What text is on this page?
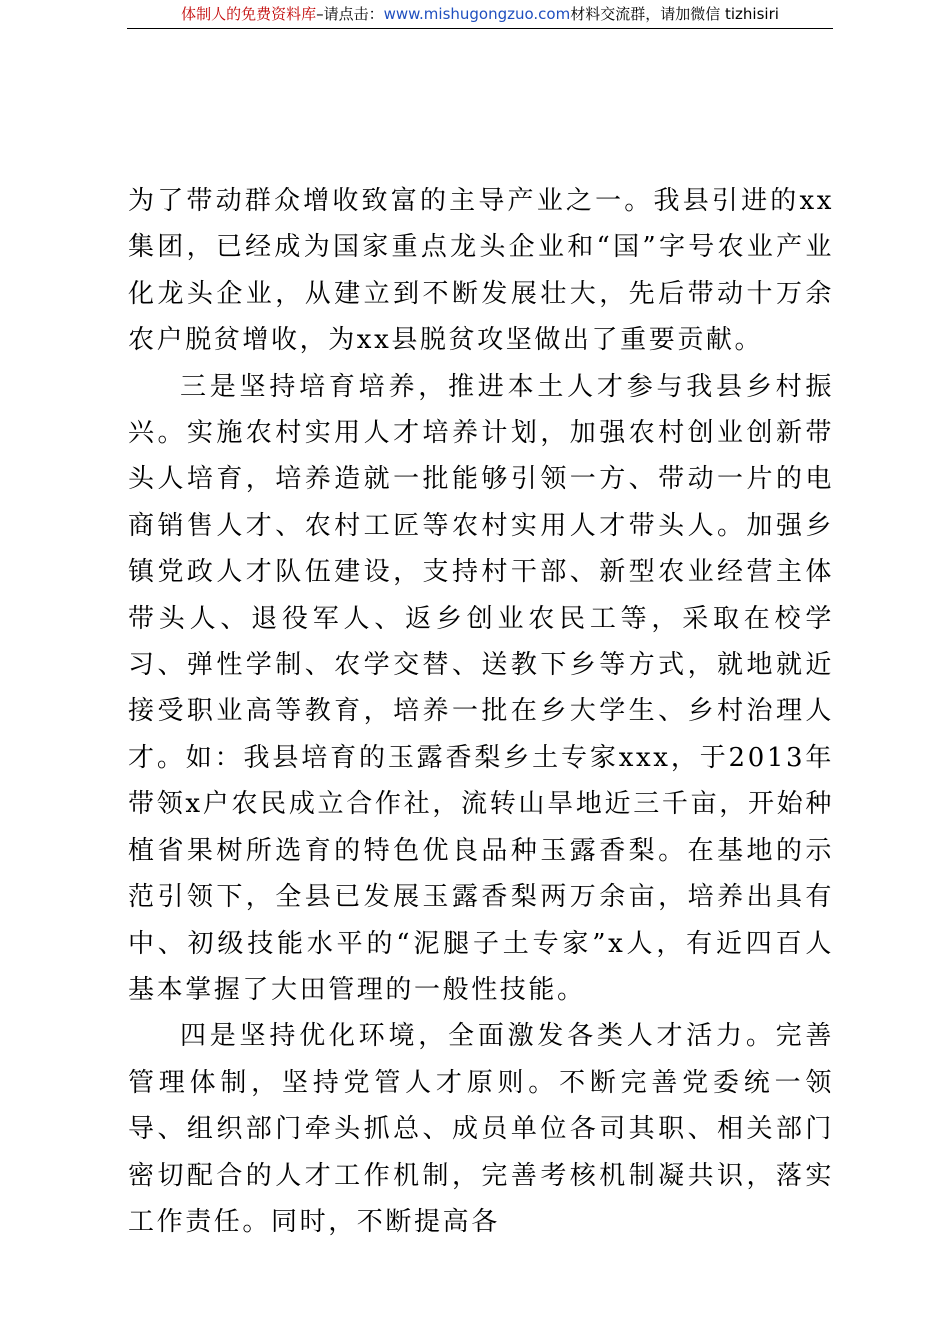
体制人的免费资料库–请点击：www.mishugongzuo.com材料交流群，请加微信 tizhisiri

为了带动群众增收致富的主导产业之一。我县引进的xx集团，已经成为国家重点龙头企业和“国”字号农业产业化龙头企业，从建立到不断发展壮大，先后带动十万余农户脱贫增收，为xx县脱贫攻坚做出了重要贡献。

三是坚持培育培养，推进本土人才参与我县乡村振兴。实施农村实用人才培养计划，加强农村创业创新带头人培育，培养造就一批能够引领一方、带动一片的电商销售人才、农村工匠等农村实用人才带头人。加强乡镇党政人才队伍建设，支持村干部、新型农业经营主体带头人、退役军人、返乡创业农民工等，采取在校学习、弹性学制、农学交替、送教下乡等方式，就地就近接受职业高等教育，培养一批在乡大学生、乡村治理人才。如：我县培育的玉露香梨乡土专家xxx，于2013年带领x户农民成立合作社，流转山旱地近三千亩，开始种植省果树所选育的特色优良品种玉露香梨。在基地的示范引领下，全县已发展玉露香梨两万余亩，培养出具有中、初级技能水平的“泥腿子土专家”x人，有近四百人基本掌握了大田管理的一般性技能。

四是坚持优化环境，全面激发各类人才活力。完善管理体制，坚持党管人才原则。不断完善党委统一领导、组织部门牵头抓总、成员单位各司其职、相关部门密切配合的人才工作机制，完善考核机制凝共识，落实工作责任。同时，不断提高各
